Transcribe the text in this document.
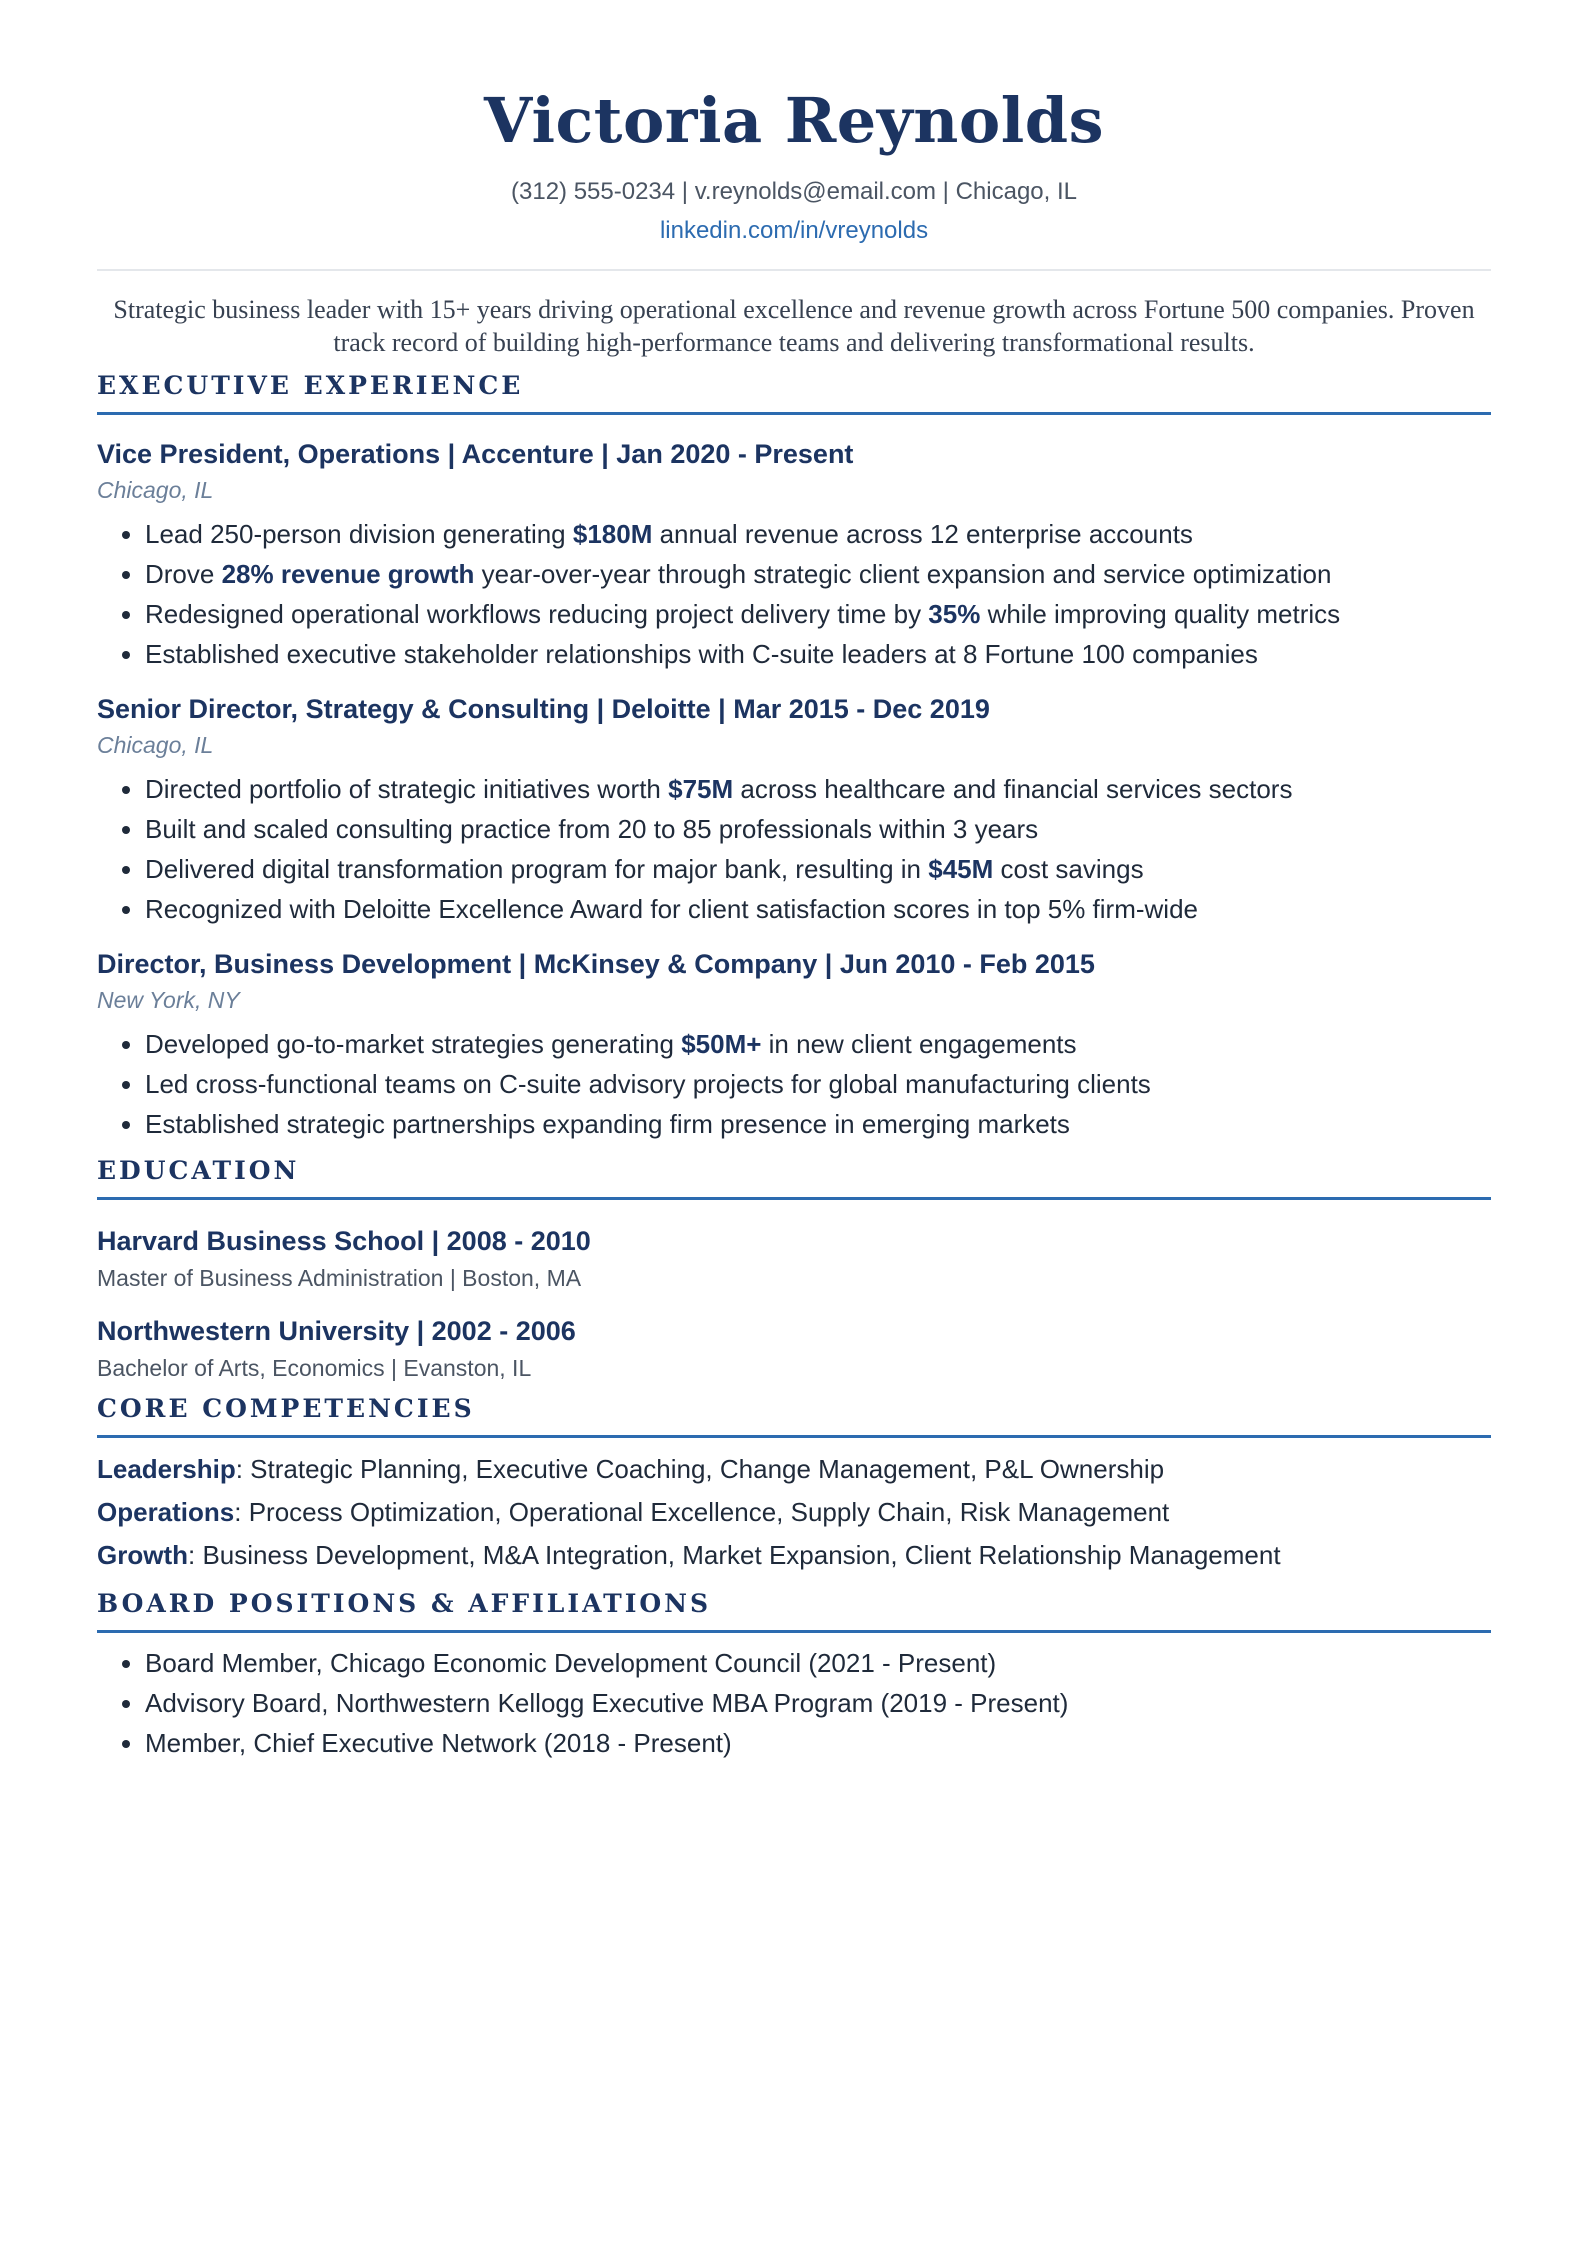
Victoria Reynolds
(312) 555-0234 | v.reynolds@email.com | Chicago, IL
linkedin.com/in/vreynolds

Strategic business leader with 15+ years driving operational excellence and revenue growth across Fortune 500 companies. Proven track record of building high-performance teams and delivering transformational results.

EXECUTIVE EXPERIENCE
Vice President, Operations | Accenture | Jan 2020 - Present
Chicago, IL
• Lead 250-person division generating $180M annual revenue across 12 enterprise accounts
• Drove 28% revenue growth year-over-year through strategic client expansion and service optimization
• Redesigned operational workflows reducing project delivery time by 35% while improving quality metrics
• Established executive stakeholder relationships with C-suite leaders at 8 Fortune 100 companies
Senior Director, Strategy & Consulting | Deloitte | Mar 2015 - Dec 2019
Chicago, IL
• Directed portfolio of strategic initiatives worth $75M across healthcare and financial services sectors
• Built and scaled consulting practice from 20 to 85 professionals within 3 years
• Delivered digital transformation program for major bank, resulting in $45M cost savings
• Recognized with Deloitte Excellence Award for client satisfaction scores in top 5% firm-wide
Director, Business Development | McKinsey & Company | Jun 2010 - Feb 2015
New York, NY
• Developed go-to-market strategies generating $50M+ in new client engagements
• Led cross-functional teams on C-suite advisory projects for global manufacturing clients
• Established strategic partnerships expanding firm presence in emerging markets
EDUCATION
Harvard Business School | 2008 - 2010
Master of Business Administration | Boston, MA
Northwestern University | 2002 - 2006
Bachelor of Arts, Economics | Evanston, IL
CORE COMPETENCIES
Leadership: Strategic Planning, Executive Coaching, Change Management, P&L Ownership
Operations: Process Optimization, Operational Excellence, Supply Chain, Risk Management
Growth: Business Development, M&A Integration, Market Expansion, Client Relationship Management
BOARD POSITIONS & AFFILIATIONS
• Board Member, Chicago Economic Development Council (2021 - Present)
• Advisory Board, Northwestern Kellogg Executive MBA Program (2019 - Present)
• Member, Chief Executive Network (2018 - Present)
